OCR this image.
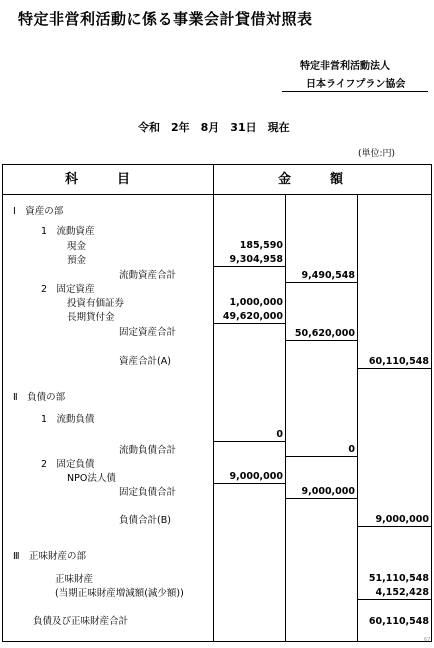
特定非営利活動に係る事業会計貸借対照表
特定非営利活動法人
日本ライフプラン協会
令和　2年　8月　31日　現在
(単位:円)
科　　　目	金　　　額
Ⅰ　資産の部
1　流動資産
現金
預金
流動資産合計
2　固定資産
投資有価証券
長期貸付金
固定資産合計
資産合計(A)
Ⅱ　負債の部
1　流動負債
流動負債合計
2　固定負債
NPO法人債
固定負債合計
負債合計(B)
Ⅲ　正味財産の部
正味財産
(当期正味財産増減額(減少額))
負債及び正味財産合計
185,590
9,304,958
1,000,000
49,620,000
0
9,000,000
9,490,548
50,620,000
0
9,000,000
60,110,548
9,000,000
51,110,548
4,152,428
60,110,548
67
